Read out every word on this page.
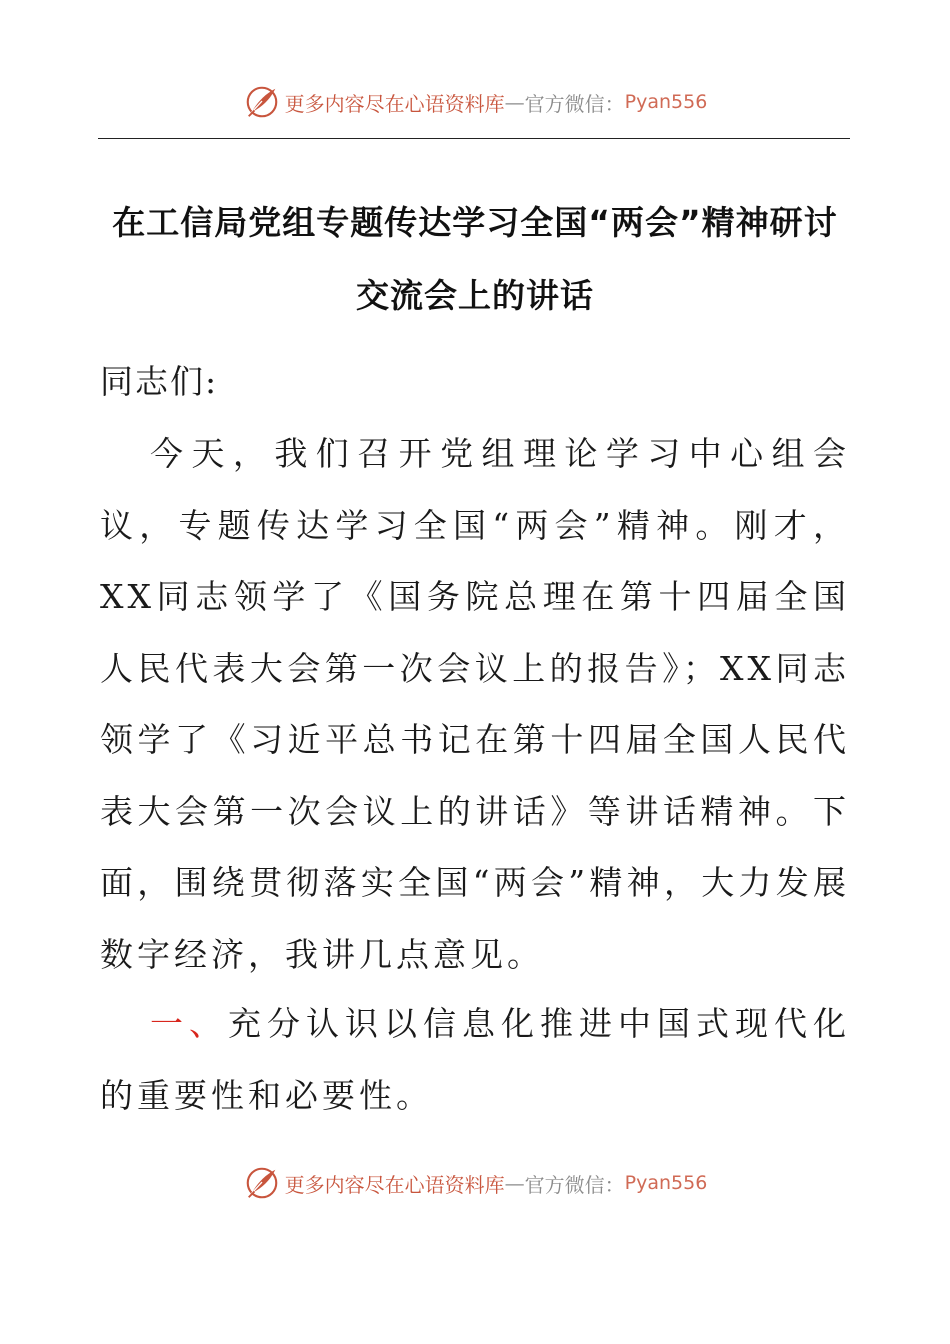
更多内容尽在心语资料库 — 官方微信： Pyan556
在工信局党组专题传达学习全国“两会”精神研讨交流会上的讲话
同志们:
今天，我们召开党组理论学习中心组会议，专题传达学习全国“两会”精神。刚才，XX同志领学了《国务院总理在第十四届全国人民代表大会第一次会议上的报告》；XX同志领学了《习近平总书记在第十四届全国人民代表大会第一次会议上的讲话》等讲话精神。下面，围绕贯彻落实全国“两会”精神，大力发展数字经济，我讲几点意见。
一、充分认识以信息化推进中国式现代化的重要性和必要性。
更多内容尽在心语资料库 — 官方微信： Pyan556
